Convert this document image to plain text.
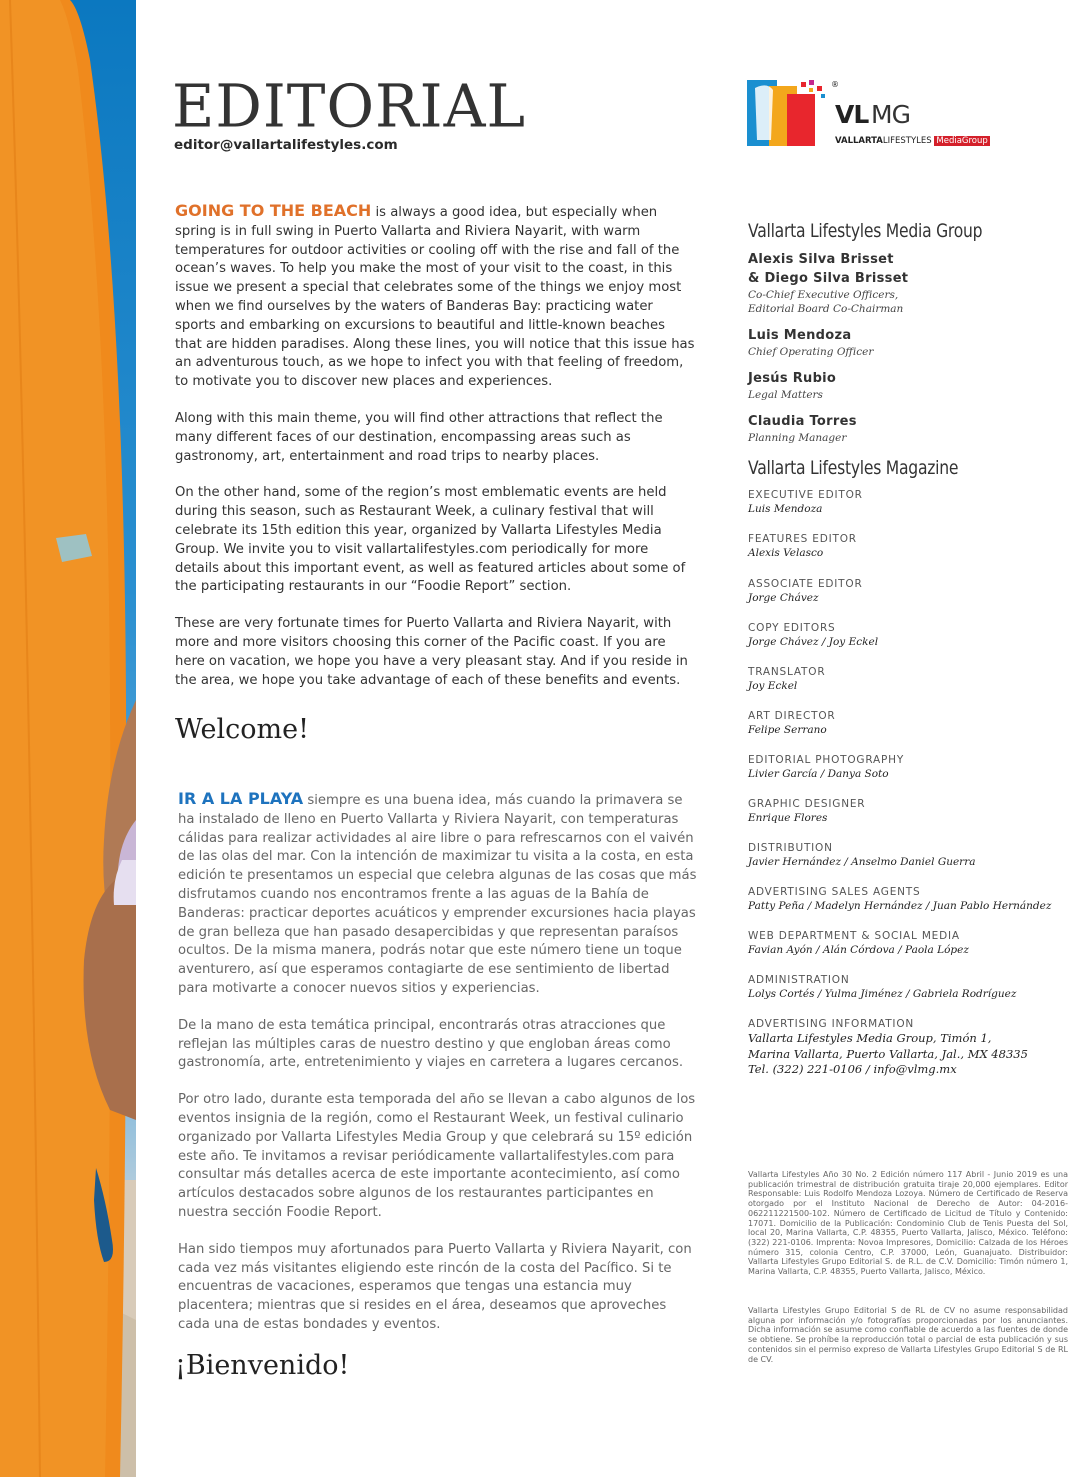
EDITORIAL
editor@vallartalifestyles.com

GOING TO THE BEACH is always a good idea, but especially when spring is in full swing in Puerto Vallarta and Riviera Nayarit, with warm temperatures for outdoor activities or cooling off with the rise and fall of the ocean’s waves. To help you make the most of your visit to the coast, in this issue we present a special that celebrates some of the things we enjoy most when we find ourselves by the waters of Banderas Bay: practicing water sports and embarking on excursions to beautiful and little-known beaches that are hidden paradises. Along these lines, you will notice that this issue has an adventurous touch, as we hope to infect you with that feeling of freedom, to motivate you to discover new places and experiences.

Along with this main theme, you will find other attractions that reflect the many different faces of our destination, encompassing areas such as gastronomy, art, entertainment and road trips to nearby places.

On the other hand, some of the region’s most emblematic events are held during this season, such as Restaurant Week, a culinary festival that will celebrate its 15th edition this year, organized by Vallarta Lifestyles Media Group. We invite you to visit vallartalifestyles.com periodically for more details about this important event, as well as featured articles about some of the participating restaurants in our “Foodie Report” section.

These are very fortunate times for Puerto Vallarta and Riviera Nayarit, with more and more visitors choosing this corner of the Pacific coast. If you are here on vacation, we hope you have a very pleasant stay. And if you reside in the area, we hope you take advantage of each of these benefits and events.

Welcome!

IR A LA PLAYA siempre es una buena idea, más cuando la primavera se ha instalado de lleno en Puerto Vallarta y Riviera Nayarit, con temperaturas cálidas para realizar actividades al aire libre o para refrescarnos con el vaivén de las olas del mar. Con la intención de maximizar tu visita a la costa, en esta edición te presentamos un especial que celebra algunas de las cosas que más disfrutamos cuando nos encontramos frente a las aguas de la Bahía de Banderas: practicar deportes acuáticos y emprender excursiones hacia playas de gran belleza que han pasado desapercibidas y que representan paraísos ocultos. De la misma manera, podrás notar que este número tiene un toque aventurero, así que esperamos contagiarte de ese sentimiento de libertad para motivarte a conocer nuevos sitios y experiencias.

De la mano de esta temática principal, encontrarás otras atracciones que reflejan las múltiples caras de nuestro destino y que engloban áreas como gastronomía, arte, entretenimiento y viajes en carretera a lugares cercanos.

Por otro lado, durante esta temporada del año se llevan a cabo algunos de los eventos insignia de la región, como el Restaurant Week, un festival culinario organizado por Vallarta Lifestyles Media Group y que celebrará su 15º edición este año. Te invitamos a revisar periódicamente vallartalifestyles.com para consultar más detalles acerca de este importante acontecimiento, así como artículos destacados sobre algunos de los restaurantes participantes en nuestra sección Foodie Report.

Han sido tiempos muy afortunados para Puerto Vallarta y Riviera Nayarit, con cada vez más visitantes eligiendo este rincón de la costa del Pacífico. Si te encuentras de vacaciones, esperamos que tengas una estancia muy placentera; mientras que si resides en el área, deseamos que aproveches cada una de estas bondades y eventos.

¡Bienvenido!
®
VL MG
VALLARTALIFESTYLES MediaGroup
Vallarta Lifestyles Media Group
Alexis Silva Brisset
& Diego Silva Brisset
Co-Chief Executive Officers,
Editorial Board Co-Chairman
Luis Mendoza
Chief Operating Officer
Jesús Rubio
Legal Matters
Claudia Torres
Planning Manager
Vallarta Lifestyles Magazine
EXECUTIVE EDITOR
Luis Mendoza
FEATURES EDITOR
Alexis Velasco
ASSOCIATE EDITOR
Jorge Chávez
COPY EDITORS
Jorge Chávez / Joy Eckel
TRANSLATOR
Joy Eckel
ART DIRECTOR
Felipe Serrano
EDITORIAL PHOTOGRAPHY
Livier García / Danya Soto
GRAPHIC DESIGNER
Enrique Flores
DISTRIBUTION
Javier Hernández / Anselmo Daniel Guerra
ADVERTISING SALES AGENTS
Patty Peña / Madelyn Hernández / Juan Pablo Hernández
WEB DEPARTMENT & SOCIAL MEDIA
Favian Ayón / Alán Córdova / Paola López
ADMINISTRATION
Lolys Cortés / Yulma Jiménez / Gabriela Rodríguez
ADVERTISING INFORMATION
Vallarta Lifestyles Media Group, Timón 1,
Marina Vallarta, Puerto Vallarta, Jal., MX 48335
Tel. (322) 221-0106 / info@vlmg.mx

Vallarta Lifestyles Año 30 No. 2 Edición número 117 Abril - Junio 2019 es una publicación trimestral de distribución gratuita tiraje 20,000 ejemplares. Editor Responsable: Luis Rodolfo Mendoza Lozoya. Número de Certificado de Reserva otorgado por el Instituto Nacional de Derecho de Autor: 04-2016-062211221500-102. Número de Certificado de Licitud de Título y Contenido: 17071. Domicilio de la Publicación: Condominio Club de Tenis Puesta del Sol, local 20, Marina Vallarta, C.P. 48355, Puerto Vallarta, Jalisco, México. Teléfono: (322) 221-0106. Imprenta: Novoa Impresores, Domicilio: Calzada de los Héroes número 315, colonia Centro, C.P. 37000, León, Guanajuato. Distribuidor: Vallarta Lifestyles Grupo Editorial S. de R.L. de C.V. Domicilio: Timón número 1, Marina Vallarta, C.P. 48355, Puerto Vallarta, Jalisco, México.

Vallarta Lifestyles Grupo Editorial S de RL de CV no asume responsabilidad alguna por información y/o fotografías proporcionadas por los anunciantes. Dicha información se asume como confiable de acuerdo a las fuentes de donde se obtiene. Se prohíbe la reproducción total o parcial de esta publicación y sus contenidos sin el permiso expreso de Vallarta Lifestyles Grupo Editorial S de RL de CV.
